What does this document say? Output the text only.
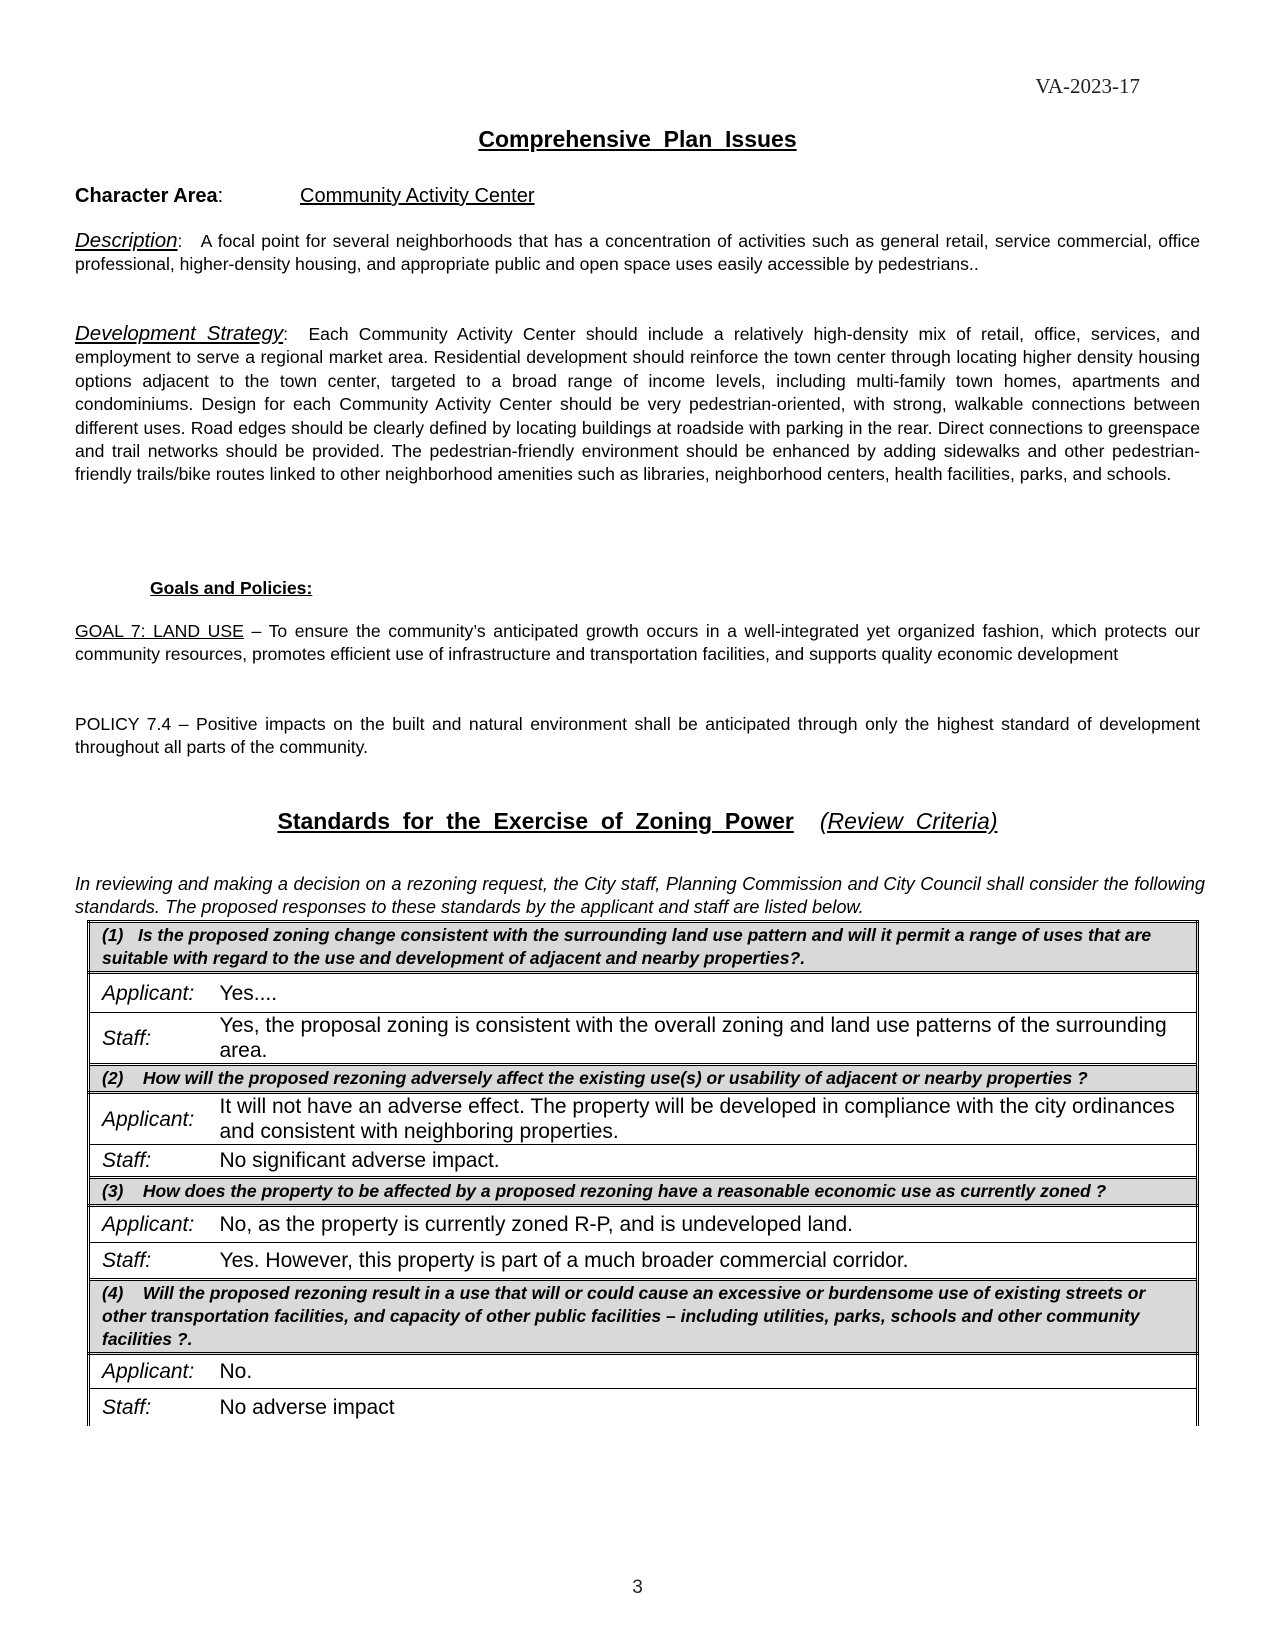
VA-2023-17
Comprehensive  Plan  Issues
Character Area:	Community Activity Center
Description:   A focal point for several neighborhoods that has a concentration of activities such as general retail, service commercial, office professional, higher-density housing, and appropriate public and open space uses easily accessible by pedestrians..
Development Strategy:  Each Community Activity Center should include a relatively high-density mix of retail, office, services, and employment to serve a regional market area. Residential development should reinforce the town center through locating higher density housing options adjacent to the town center, targeted to a broad range of income levels, including multi-family town homes, apartments and condominiums. Design for each Community Activity Center should be very pedestrian-oriented, with strong, walkable connections between different uses. Road edges should be clearly defined by locating buildings at roadside with parking in the rear. Direct connections to greenspace and trail networks should be provided. The pedestrian-friendly environment should be enhanced by adding sidewalks and other pedestrian-friendly trails/bike routes linked to other neighborhood amenities such as libraries, neighborhood centers, health facilities, parks, and schools.
Goals and Policies:
GOAL 7: LAND USE – To ensure the community’s anticipated growth occurs in a well-integrated yet organized fashion, which protects our community resources, promotes efficient use of infrastructure and transportation facilities, and supports quality economic development
POLICY 7.4 – Positive impacts on the built and natural environment shall be anticipated through only the highest standard of development throughout all parts of the community.
Standards  for  the  Exercise  of  Zoning  Power (Review  Criteria)
In reviewing and making a decision on a rezoning request, the City staff, Planning Commission and City Council shall consider the following standards. The proposed responses to these standards by the applicant and staff are listed below.
(1)   Is the proposed zoning change consistent with the surrounding land use pattern and will it permit a range of uses that are suitable with regard to the use and development of adjacent and nearby properties?.	
Applicant:	Yes....
Staff:	Yes, the proposal zoning is consistent with the overall zoning and land use patterns of the surrounding area.
(2)    How will the proposed rezoning adversely affect the existing use(s) or usability of adjacent or nearby properties ?	
Applicant:	It will not have an adverse effect. The property will be developed in compliance with the city ordinances and consistent with neighboring properties.
Staff:	No significant adverse impact.
(3)    How does the property to be affected by a proposed rezoning have a reasonable economic use as currently zoned ?	
Applicant:	No, as the property is currently zoned R-P, and is undeveloped land.
Staff:	Yes. However, this property is part of a much broader commercial corridor.
(4)    Will the proposed rezoning result in a use that will or could cause an excessive or burdensome use of existing streets or other transportation facilities, and capacity of other public facilities – including utilities, parks, schools and other community facilities ?.	
Applicant:	No.
Staff:	No adverse impact
3
